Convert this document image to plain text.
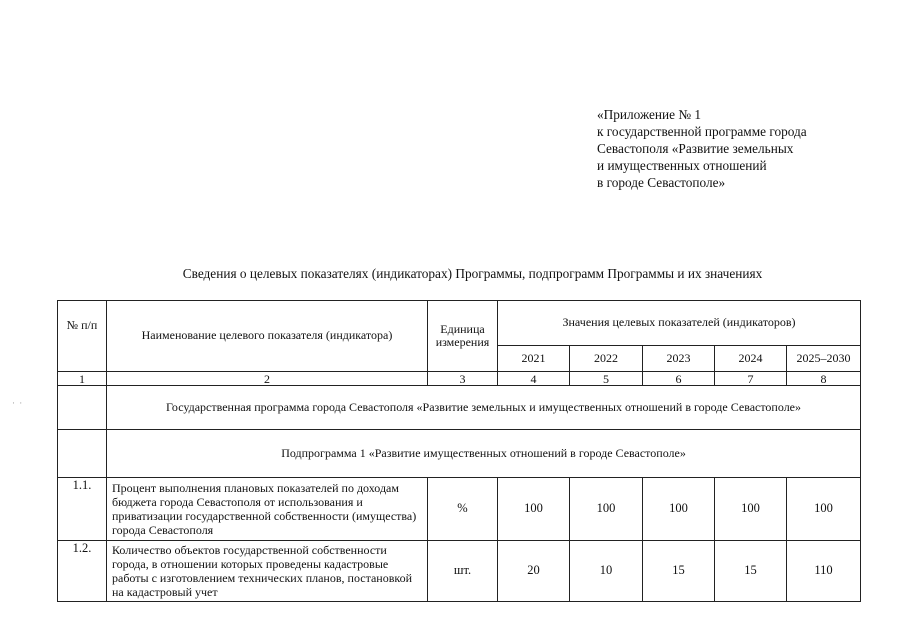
«Приложение № 1
к государственной программе города
Севастополя «Развитие земельных
и имущественных отношений
в городе Севастополе»
Сведения о целевых показателях (индикаторах) Программы, подпрограмм Программы и их значениях
· ·
№ п/п	Наименование целевого показателя (индикатора)	Единица измерения	Значения целевых показателей (индикаторов)				
			2021	2022	2023	2024	2025–2030
1	2	3	4	5	6	7	8
	Государственная программа города Севастополя «Развитие земельных и имущественных отношений в городе Севастополе»						
	Подпрограмма 1 «Развитие имущественных отношений в городе Севастополе»						
1.1.	Процент выполнения плановых показателей по доходам бюджета города Севастополя от использования и приватизации государственной собственности (имущества) города Севастополя	%	100	100	100	100	100
1.2.	Количество объектов государственной собственности города, в отношении которых проведены кадастровые работы с изготовлением технических планов, постановкой на кадастровый учет	шт.	20	10	15	15	110
